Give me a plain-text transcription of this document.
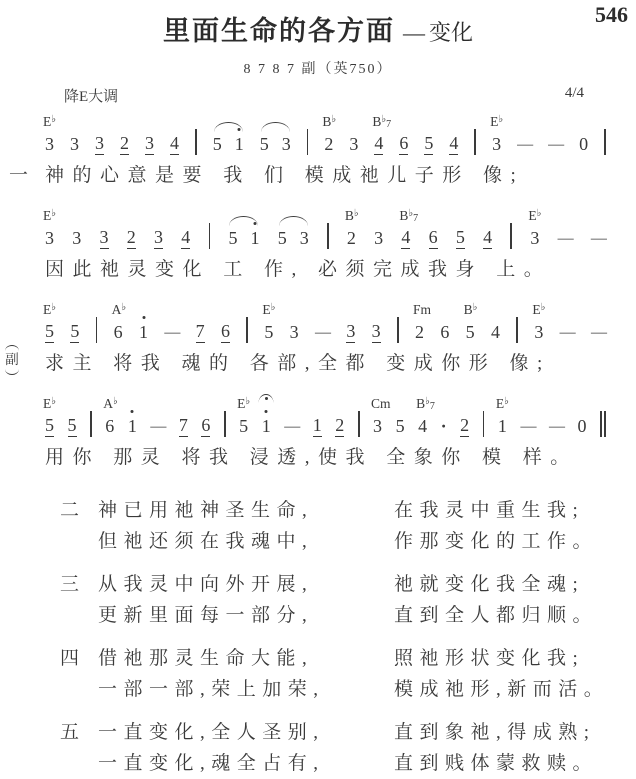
里面生命的各方面 — 变化
546
8 7 8 7 副（英750）
降E大调	4/4
3
E♭
3 3 2 3 4 5 1 5 3 2
B♭
3 4
B♭7
6 5 4 3
E♭
— — 0
一 神的心意是要 我 们 模成祂儿子形 像;
3
E♭
3 3 2 3 4 5 1 5 3 2
B♭
3 4
B♭7
6 5 4 3
E♭
— —
因此祂灵变化 工 作, 必须完成我身 上。
5
E♭
5 6
A♭
1 — 7 6 5
E♭
3 — 3 3 2
Fm
6 5
B♭
4 3
E♭
— —
副 求主 将我 魂的 各部,全都 变成你形 像;
5
E♭
5 6
A♭
1 — 7 6 5
E♭
1 — 1 2 3
Cm
5 4
B♭7
· 2 1
E♭
— — 0
用你 那灵 将我 浸透,使我 全象你 模 样。
二 神已用祂神圣生命,	在我灵中重生我;
但祂还须在我魂中,	作那变化的工作。
三 从我灵中向外开展,	祂就变化我全魂;
更新里面每一部分,	直到全人都归顺。
四 借祂那灵生命大能,	照祂形状变化我;
一部一部,荣上加荣,	模成祂形,新而活。
五 一直变化,全人圣别,	直到象祂,得成熟;
一直变化,魂全占有,	直到贱体蒙救赎。
